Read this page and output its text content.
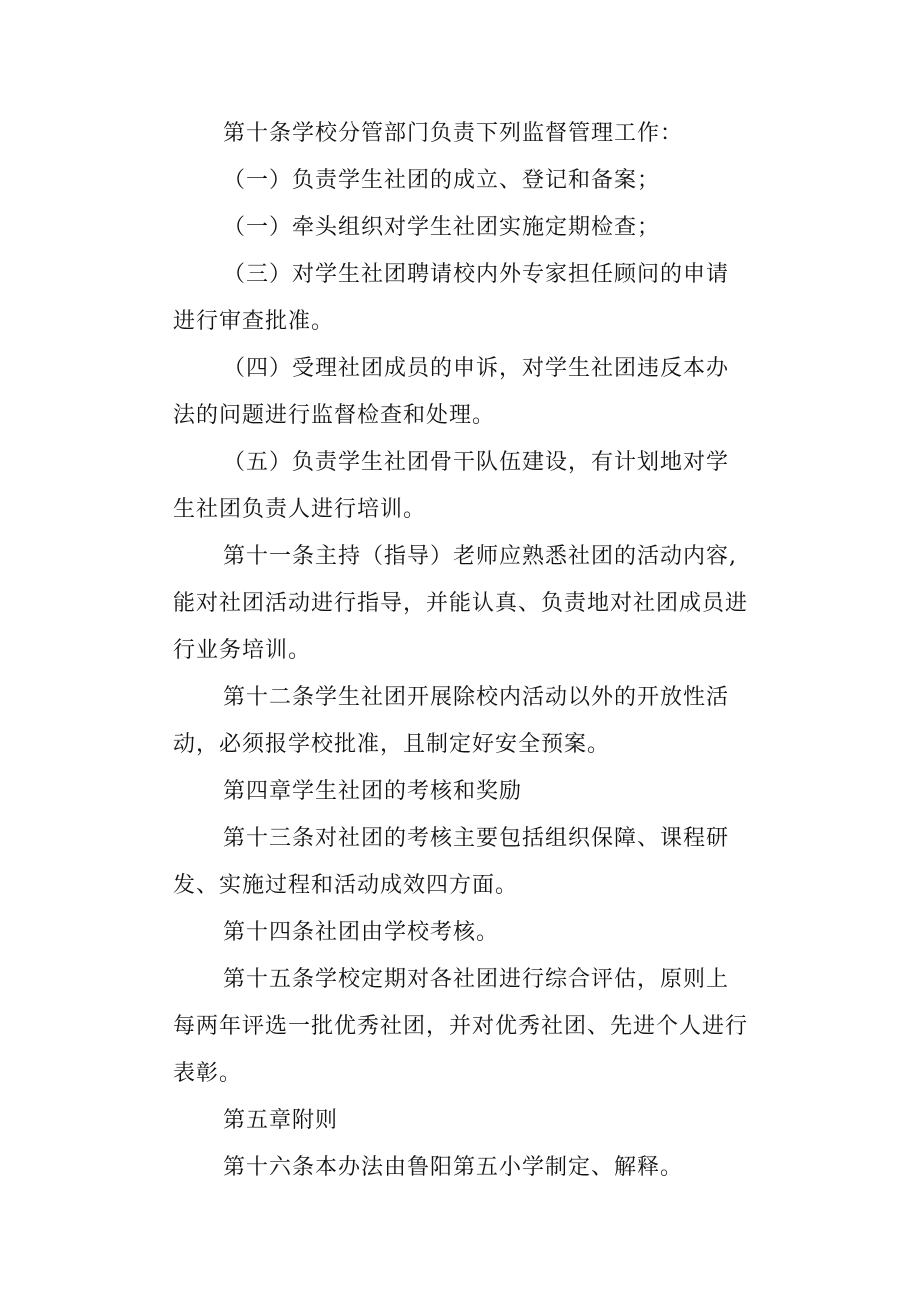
第十条学校分管部门负责下列监督管理工作：

（一）负责学生社团的成立、登记和备案；

（一）牵头组织对学生社团实施定期检查；

（三）对学生社团聘请校内外专家担任顾问的申请进行审查批准。

（四）受理社团成员的申诉，对学生社团违反本办法的问题进行监督检查和处理。

（五）负责学生社团骨干队伍建设，有计划地对学生社团负责人进行培训。

第十一条主持（指导）老师应熟悉社团的活动内容,能对社团活动进行指导，并能认真、负责地对社团成员进行业务培训。

第十二条学生社团开展除校内活动以外的开放性活动，必须报学校批准，且制定好安全预案。

第四章学生社团的考核和奖励

第十三条对社团的考核主要包括组织保障、课程研发、实施过程和活动成效四方面。

第十四条社团由学校考核。

第十五条学校定期对各社团进行综合评估，原则上每两年评选一批优秀社团，并对优秀社团、先进个人进行表彰。

第五章附则

第十六条本办法由鲁阳第五小学制定、解释。
